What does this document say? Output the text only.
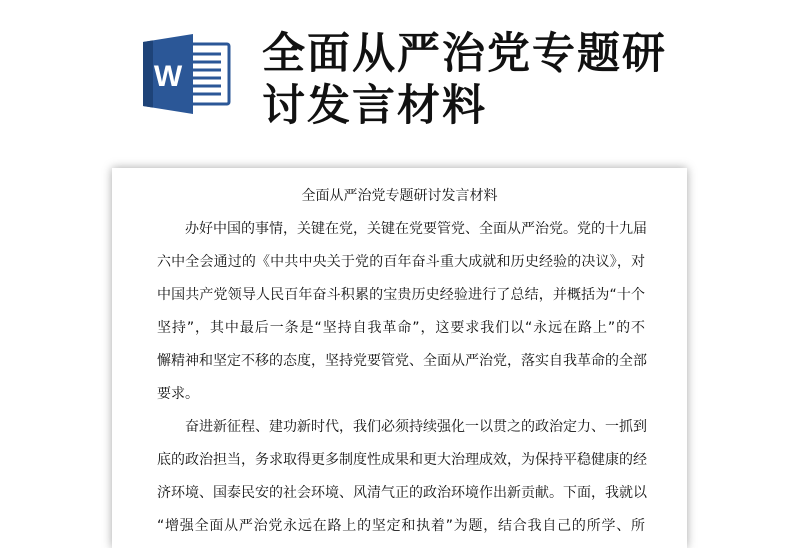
全面从严治党专题研
讨发言材料
W
全面从严治党专题研讨发言材料
　　办好中国的事情，关键在党，关键在党要管党、全面从严治党。党的十九届
六中全会通过的《中共中央关于党的百年奋斗重大成就和历史经验的决议》，对
中国共产党领导人民百年奋斗积累的宝贵历史经验进行了总结，并概括为“十个
坚持”，其中最后一条是“坚持自我革命”，这要求我们以“永远在路上”的不
懈精神和坚定不移的态度，坚持党要管党、全面从严治党，落实自我革命的全部
要求。
　　奋进新征程、建功新时代，我们必须持续强化一以贯之的政治定力、一抓到
底的政治担当，务求取得更多制度性成果和更大治理成效，为保持平稳健康的经
济环境、国泰民安的社会环境、风清气正的政治环境作出新贡献。下面，我就以
“增强全面从严治党永远在路上的坚定和执着”为题，结合我自己的所学、所
